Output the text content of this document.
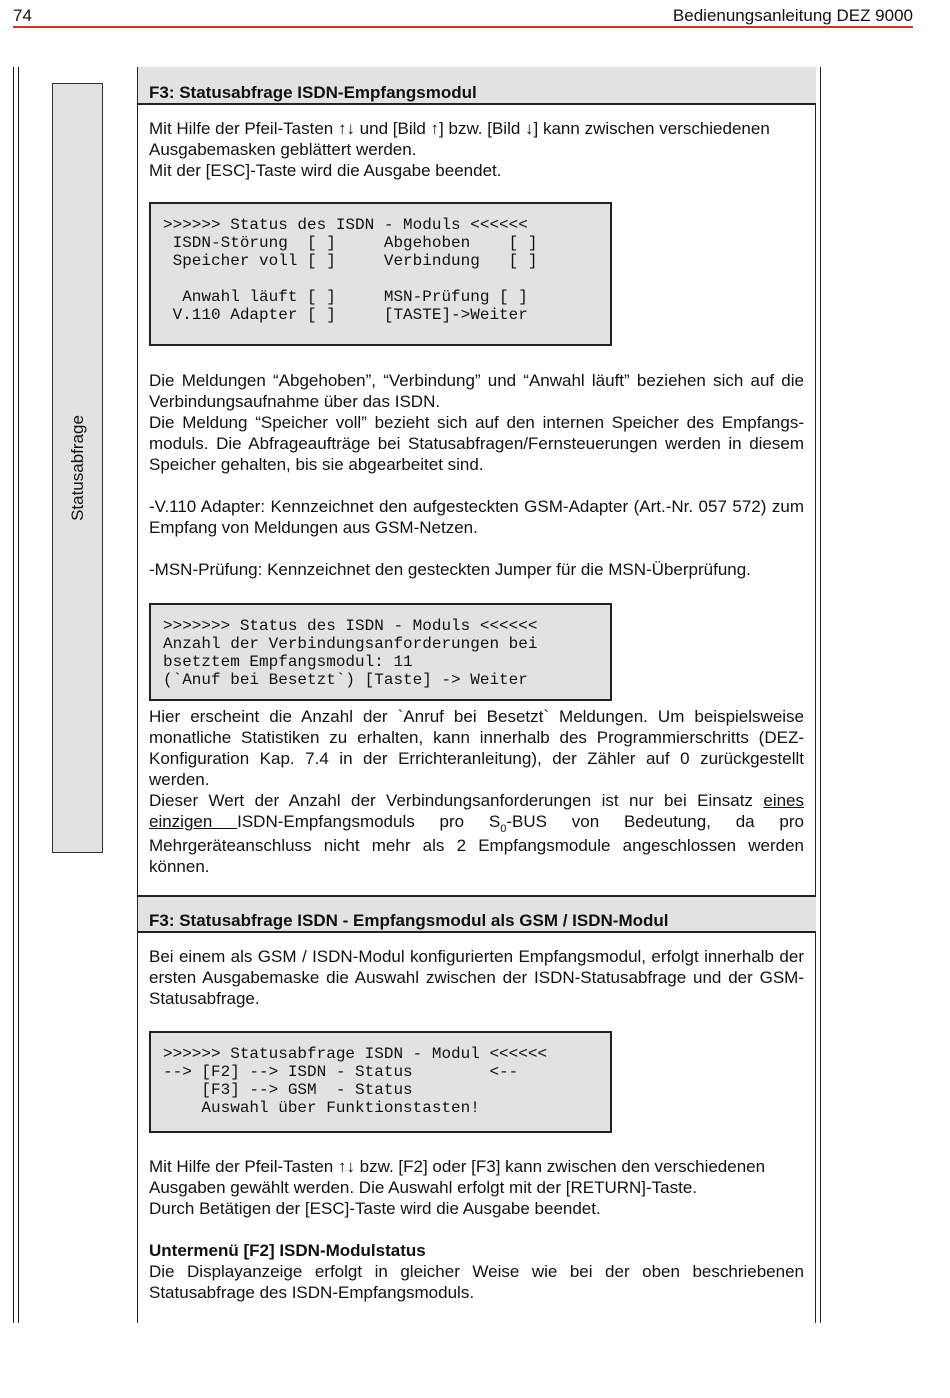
74	Bedienungsanleitung DEZ 9000
Statusabfrage
F3: Statusabfrage ISDN-Empfangsmodul

Mit Hilfe der Pfeil-Tasten ↑↓ und [Bild ↑] bzw. [Bild ↓] kann zwischen verschiedenen

Ausgabemasken geblättert werden.

Mit der [ESC]-Taste wird die Ausgabe beendet.

>>>>>> Status des ISDN - Moduls <<<<<<
ISDN-Störung  [ ]     Abgehoben    [ ]
Speicher voll [ ]     Verbindung   [ ]

Anwahl läuft [ ]     MSN-Prüfung [ ]
V.110 Adapter [ ]     [TASTE]->Weiter

Die Meldungen “Abgehoben”, “Verbindung” und “Anwahl läuft” beziehen sich auf die Verbindungsaufnahme über das ISDN.

Die Meldung “Speicher voll” bezieht sich auf den internen Speicher des Empfangsmoduls. Die Abfrageaufträge bei Statusabfragen/Fernsteuerungen werden in diesem Speicher gehalten, bis sie abgearbeitet sind.

-V.110 Adapter: Kennzeichnet den aufgesteckten GSM-Adapter (Art.-Nr. 057 572) zum Empfang von Meldungen aus GSM-Netzen.

-MSN-Prüfung: Kennzeichnet den gesteckten Jumper für die MSN-Überprüfung.

>>>>>>> Status des ISDN - Moduls <<<<<<
Anzahl der Verbindungsanforderungen bei
bsetztem Empfangsmodul: 11
(`Anuf bei Besetzt`) [Taste] -> Weiter

Hier erscheint die Anzahl der `Anruf bei Besetzt` Meldungen. Um beispielsweise monatliche Statistiken zu erhalten, kann innerhalb des Programmierschritts (DEZ-Konfiguration Kap. 7.4 in der Errichteranleitung), der Zähler auf 0 zurückgestellt werden.

Dieser Wert der Anzahl der Verbindungsanforderungen ist nur bei Einsatz eines einzigen ISDN-Empfangsmoduls pro $S_0$-BUS von Bedeutung, da pro Mehrgeräteanschluss nicht mehr als 2 Empfangsmodule angeschlossen werden können.

F3: Statusabfrage ISDN - Empfangsmodul als GSM / ISDN-Modul

Bei einem als GSM / ISDN-Modul konfigurierten Empfangsmodul, erfolgt innerhalb der ersten Ausgabemaske die Auswahl zwischen der ISDN-Statusabfrage und der GSM-Statusabfrage.

>>>>>> Statusabfrage ISDN - Modul <<<<<<
--> [F2] --> ISDN - Status        <--
[F3] --> GSM  - Status
Auswahl über Funktionstasten!

Mit Hilfe der Pfeil-Tasten ↑↓ bzw. [F2] oder [F3] kann zwischen den verschiedenen

Ausgaben gewählt werden. Die Auswahl erfolgt mit der [RETURN]-Taste.

Durch Betätigen der [ESC]-Taste wird die Ausgabe beendet.

Untermenü [F2] ISDN-Modulstatus

Die Displayanzeige erfolgt in gleicher Weise wie bei der oben beschriebenen Statusabfrage des ISDN-Empfangsmoduls.
